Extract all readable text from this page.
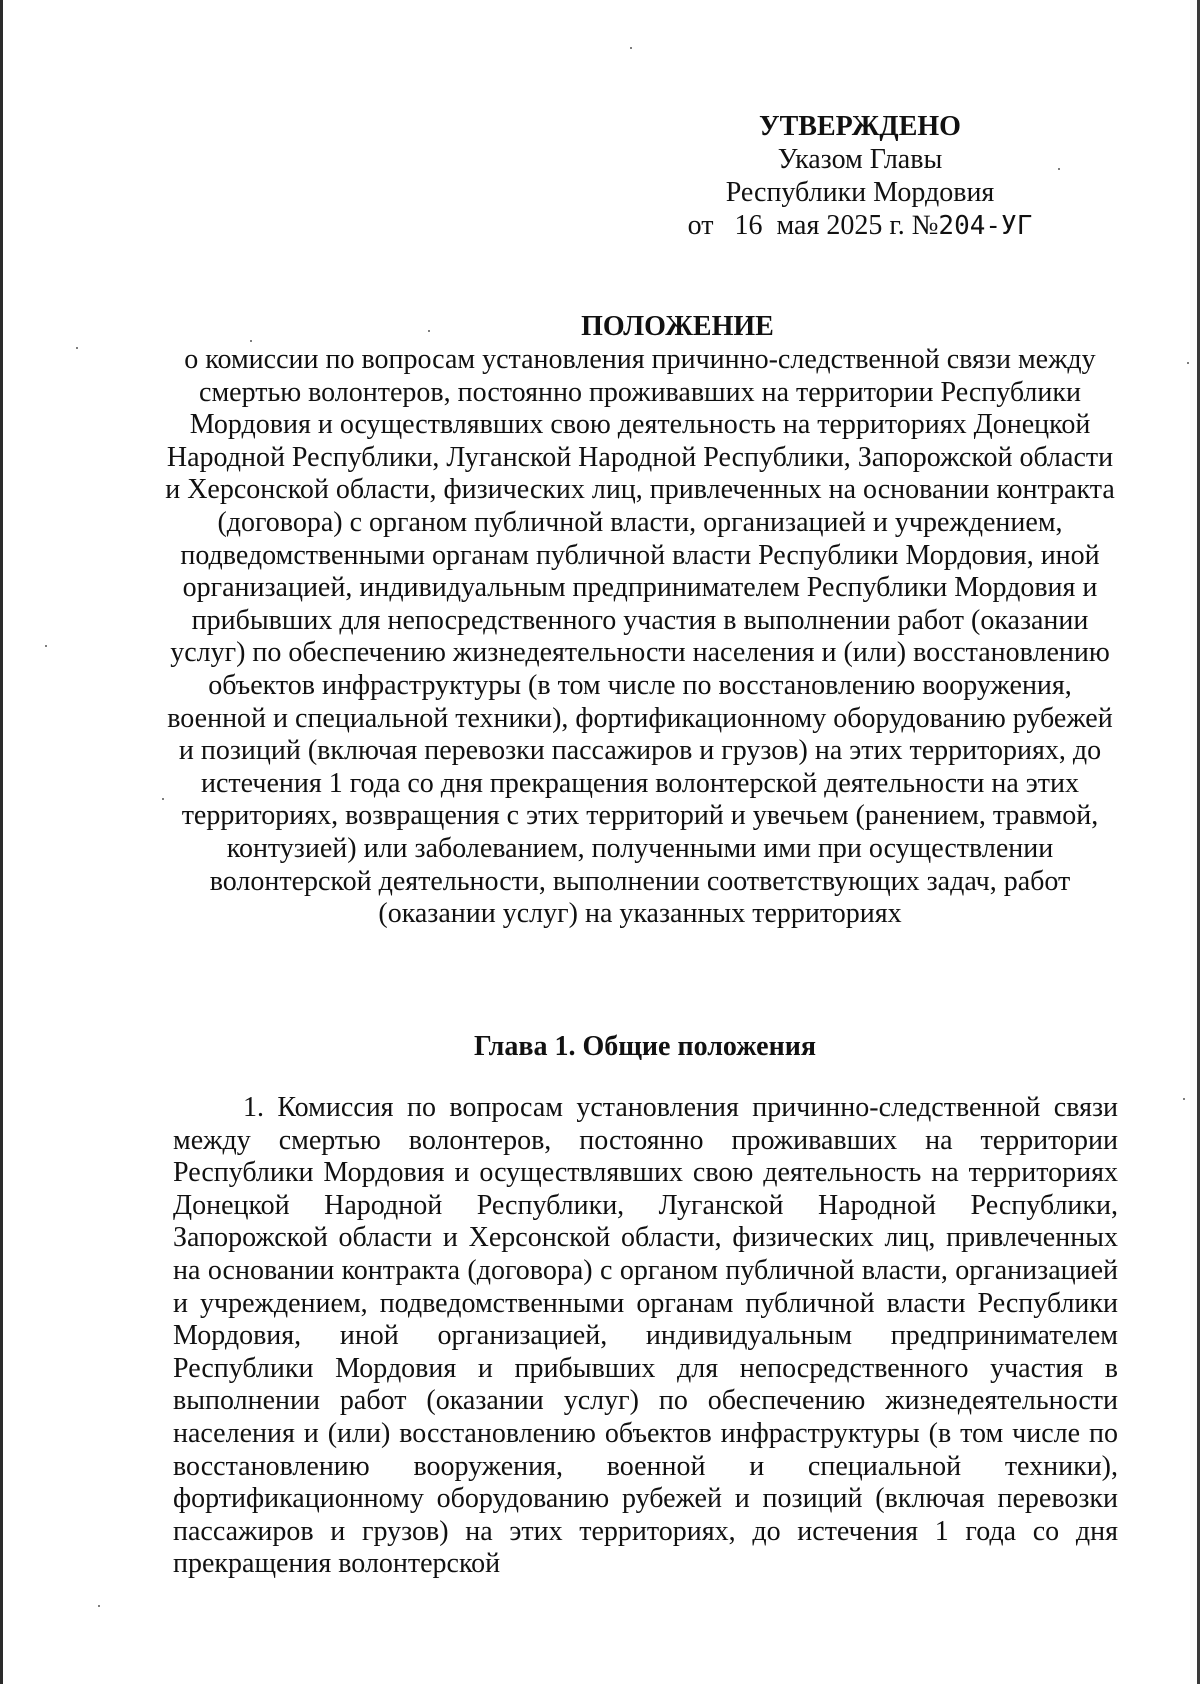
УТВЕРЖДЕНО
Указом Главы
Республики Мордовия
от 16  мая 2025 г. №204-УГ
ПОЛОЖЕНИЕ
о комиссии по вопросам установления причинно-следственной связи между смертью волонтеров, постоянно проживавших на территории Республики Мордовия и осуществлявших свою деятельность на территориях Донецкой Народной Республики, Луганской Народной Республики, Запорожской области и Херсонской области, физических лиц, привлеченных на основании контракта (договора) с органом публичной власти, организацией и учреждением, подведомственными органам публичной власти Республики Мордовия, иной организацией, индивидуальным предпринимателем Республики Мордовия и прибывших для непосредственного участия в выполнении работ (оказании услуг) по обеспечению жизнедеятельности населения и (или) восстановлению объектов инфраструктуры (в том числе по восстановлению вооружения, военной и специальной техники), фортификационному оборудованию рубежей и позиций (включая перевозки пассажиров и грузов) на этих территориях, до истечения 1 года со дня прекращения волонтерской деятельности на этих территориях, возвращения с этих территорий и увечьем (ранением, травмой, контузией) или заболеванием, полученными ими при осуществлении волонтерской деятельности, выполнении соответствующих задач, работ (оказании услуг) на указанных территориях
Глава 1. Общие положения
1. Комиссия по вопросам установления причинно-следственной связи между смертью волонтеров, постоянно проживавших на территории Республики Мордовия и осуществлявших свою деятельность на территориях Донецкой Народной Республики, Луганской Народной Республики, Запорожской области и Херсонской области, физических лиц, привлеченных на основании контракта (договора) с органом публичной власти, организацией и учреждением, подведомственными органам публичной власти Республики Мордовия, иной организацией, индивидуальным предпринимателем Республики Мордовия и прибывших для непосредственного участия в выполнении работ (оказании услуг) по обеспечению жизнедеятельности населения и (или) восстановлению объектов инфраструктуры (в том числе по восстановлению вооружения, военной и специальной техники), фортификационному оборудованию рубежей и позиций (включая перевозки пассажиров и грузов) на этих территориях, до истечения 1 года со дня прекращения волонтерской
